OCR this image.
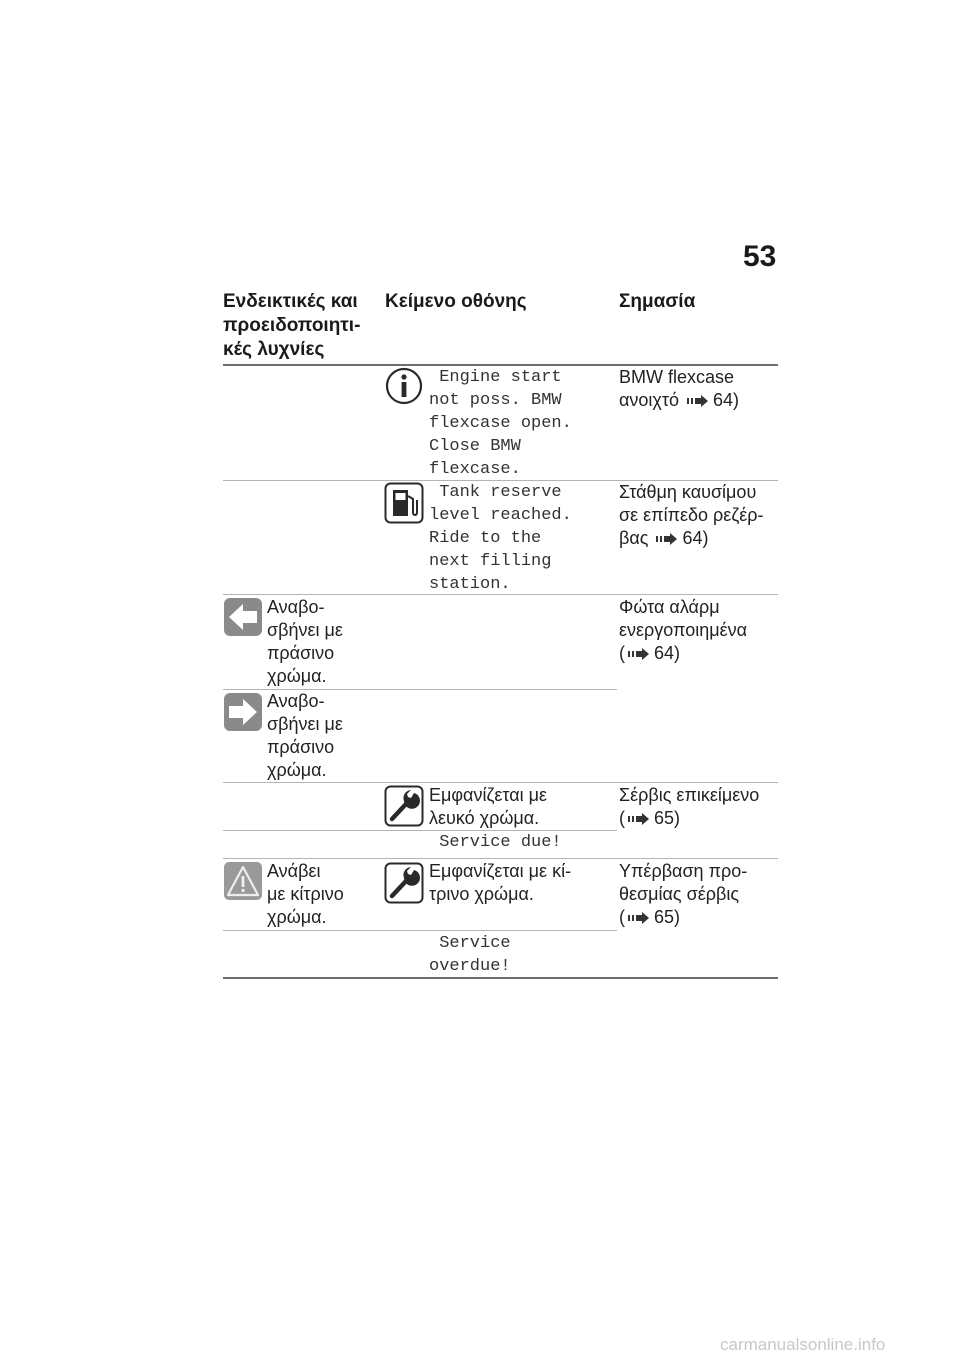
53
Ενδεικτικές και
προειδοποιητι-
κές λυχνίες
Κείμενο οθόνης	Σημασία
Engine start
not poss. BMW
flexcase open.
Close BMW
flexcase.
BMW flexcase
ανοιχτό 64)
Tank reserve
level reached.
Ride to the
next filling
station.
Στάθμη καυσίμου
σε επίπεδο ρεζέρ-
βας 64)
Αναβο-
σβήνει με
πράσινο
χρώμα.
Φώτα αλάρμ
ενεργοποιημένα
( 64)
Αναβο-
σβήνει με
πράσινο
χρώμα.
Εμφανίζεται με
λευκό χρώμα.
Service due!
Σέρβις επικείμενο
( 65)
Ανάβει
με κίτρινο
χρώμα.
Εμφανίζεται με κί-
τρινο χρώμα.
Service
overdue!
Υπέρβαση προ-
θεσμίας σέρβις
( 65)
carmanualsonline.info
